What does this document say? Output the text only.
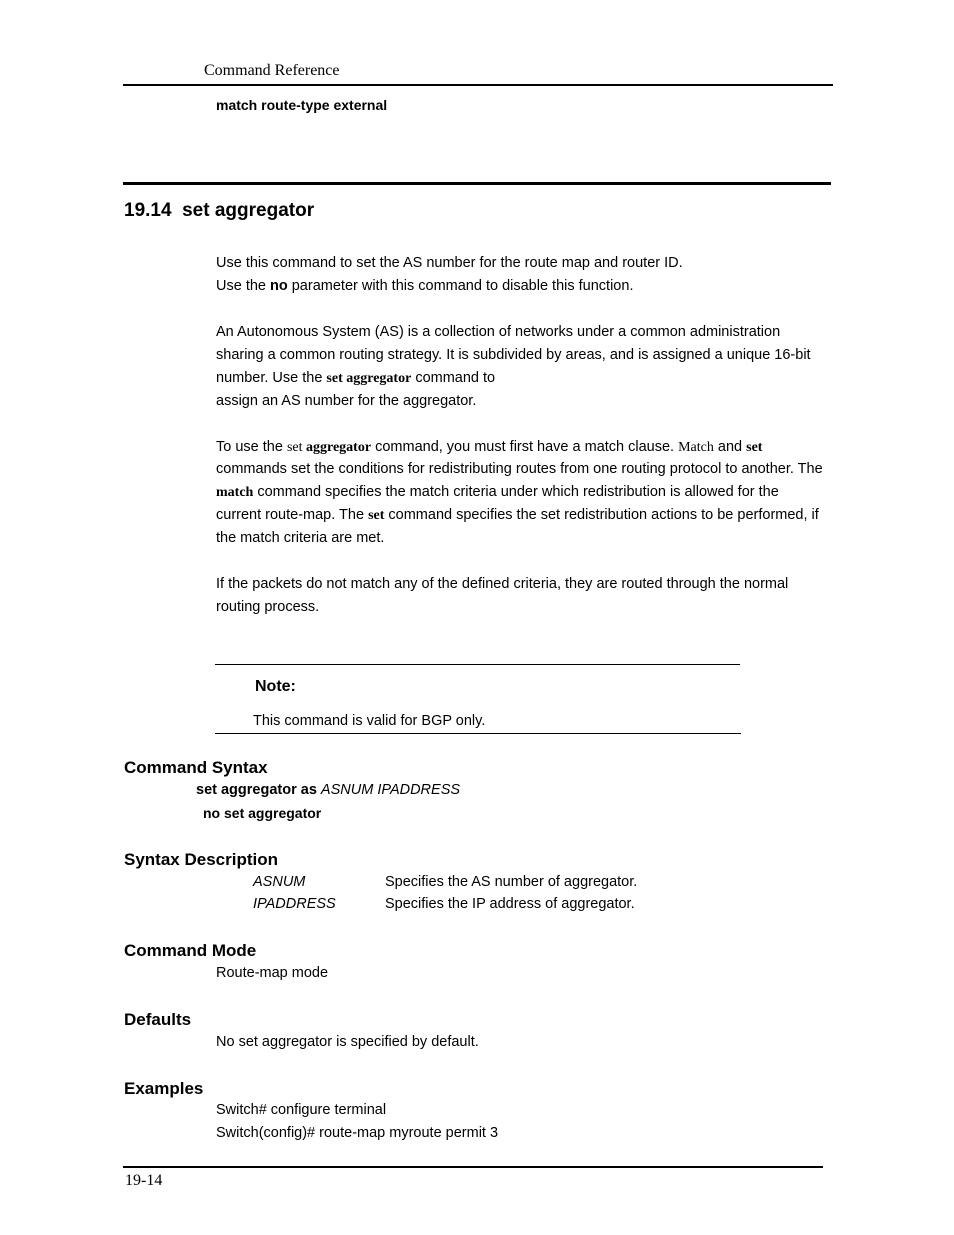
Command Reference
match route-type external
19.14 set aggregator
Use this command to set the AS number for the route map and router ID.
Use the no parameter with this command to disable this function.
An Autonomous System (AS) is a collection of networks under a common administration
sharing a common routing strategy. It is subdivided by areas, and is assigned a unique 16-bit
number. Use the set aggregator command to
assign an AS number for the aggregator.
To use the set aggregator command, you must first have a match clause. Match and set
commands set the conditions for redistributing routes from one routing protocol to another. The
match command specifies the match criteria under which redistribution is allowed for the
current route-map. The set command specifies the set redistribution actions to be performed, if
the match criteria are met.
If the packets do not match any of the defined criteria, they are routed through the normal
routing process.
Note:
This command is valid for BGP only.
Command Syntax
set aggregator as ASNUM IPADDRESS
no set aggregator
Syntax Description
ASNUM	Specifies the AS number of aggregator.
IPADDRESS	Specifies the IP address of aggregator.
Command Mode
Route-map mode
Defaults
No set aggregator is specified by default.
Examples
Switch# configure terminal
Switch(config)# route-map myroute permit 3
19-14
